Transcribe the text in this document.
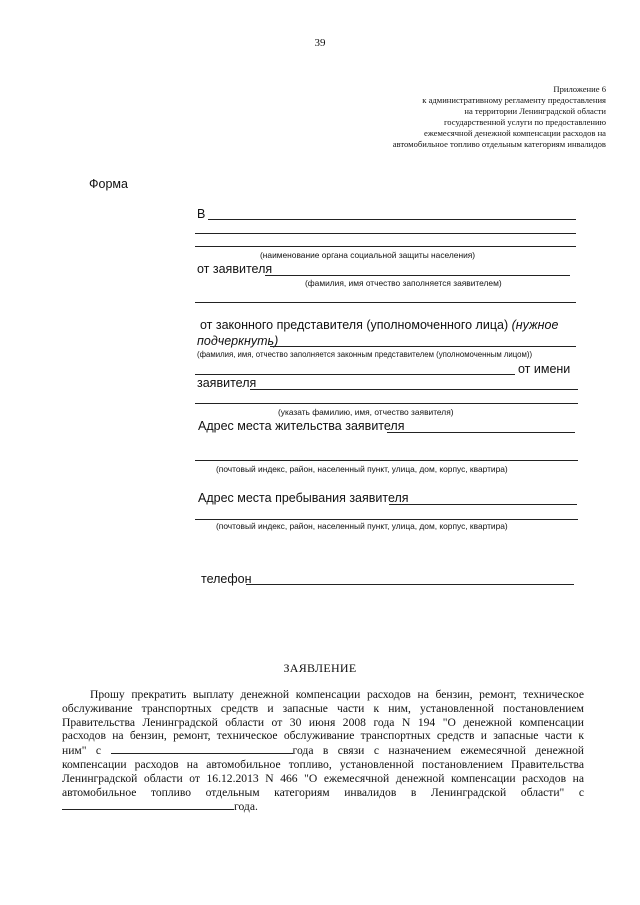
39
Приложение 6
к административному регламенту предоставления
на территории Ленинградской области
государственной услуги по предоставлению
ежемесячной денежной компенсации расходов на
автомобильное топливо отдельным категориям инвалидов
Форма
В
(наименование органа социальной защиты населения)
от заявителя
(фамилия, имя отчество заполняется заявителем)
от законного представителя (уполномоченного лица) (нужное
подчеркнуть)
(фамилия, имя, отчество заполняется законным представителем (уполномоченным лицом))
от имени
заявителя
(указать фамилию, имя, отчество заявителя)
Адрес места жительства заявителя
(почтовый индекс, район, населенный пункт, улица, дом, корпус, квартира)
Адрес места пребывания заявителя
(почтовый индекс, район, населенный пункт, улица, дом, корпус, квартира)
телефон
ЗАЯВЛЕНИЕ
Прошу прекратить выплату денежной компенсации расходов на бензин, ремонт, техническое
обслуживание транспортных средств и запасные части к ним, установленной постановлением
Правительства Ленинградской области от 30 июня 2008 года N 194 "О денежной компенсации
расходов на бензин, ремонт, техническое обслуживание транспортных средств и запасные части к
ним" с	года в связи с назначением ежемесячной денежной
компенсации расходов на автомобильное топливо, установленной постановлением Правительства
Ленинградской области от 16.12.2013 N 466 "О ежемесячной денежной компенсации расходов на
автомобильное топливо отдельным категориям инвалидов в Ленинградской области" с
года.
